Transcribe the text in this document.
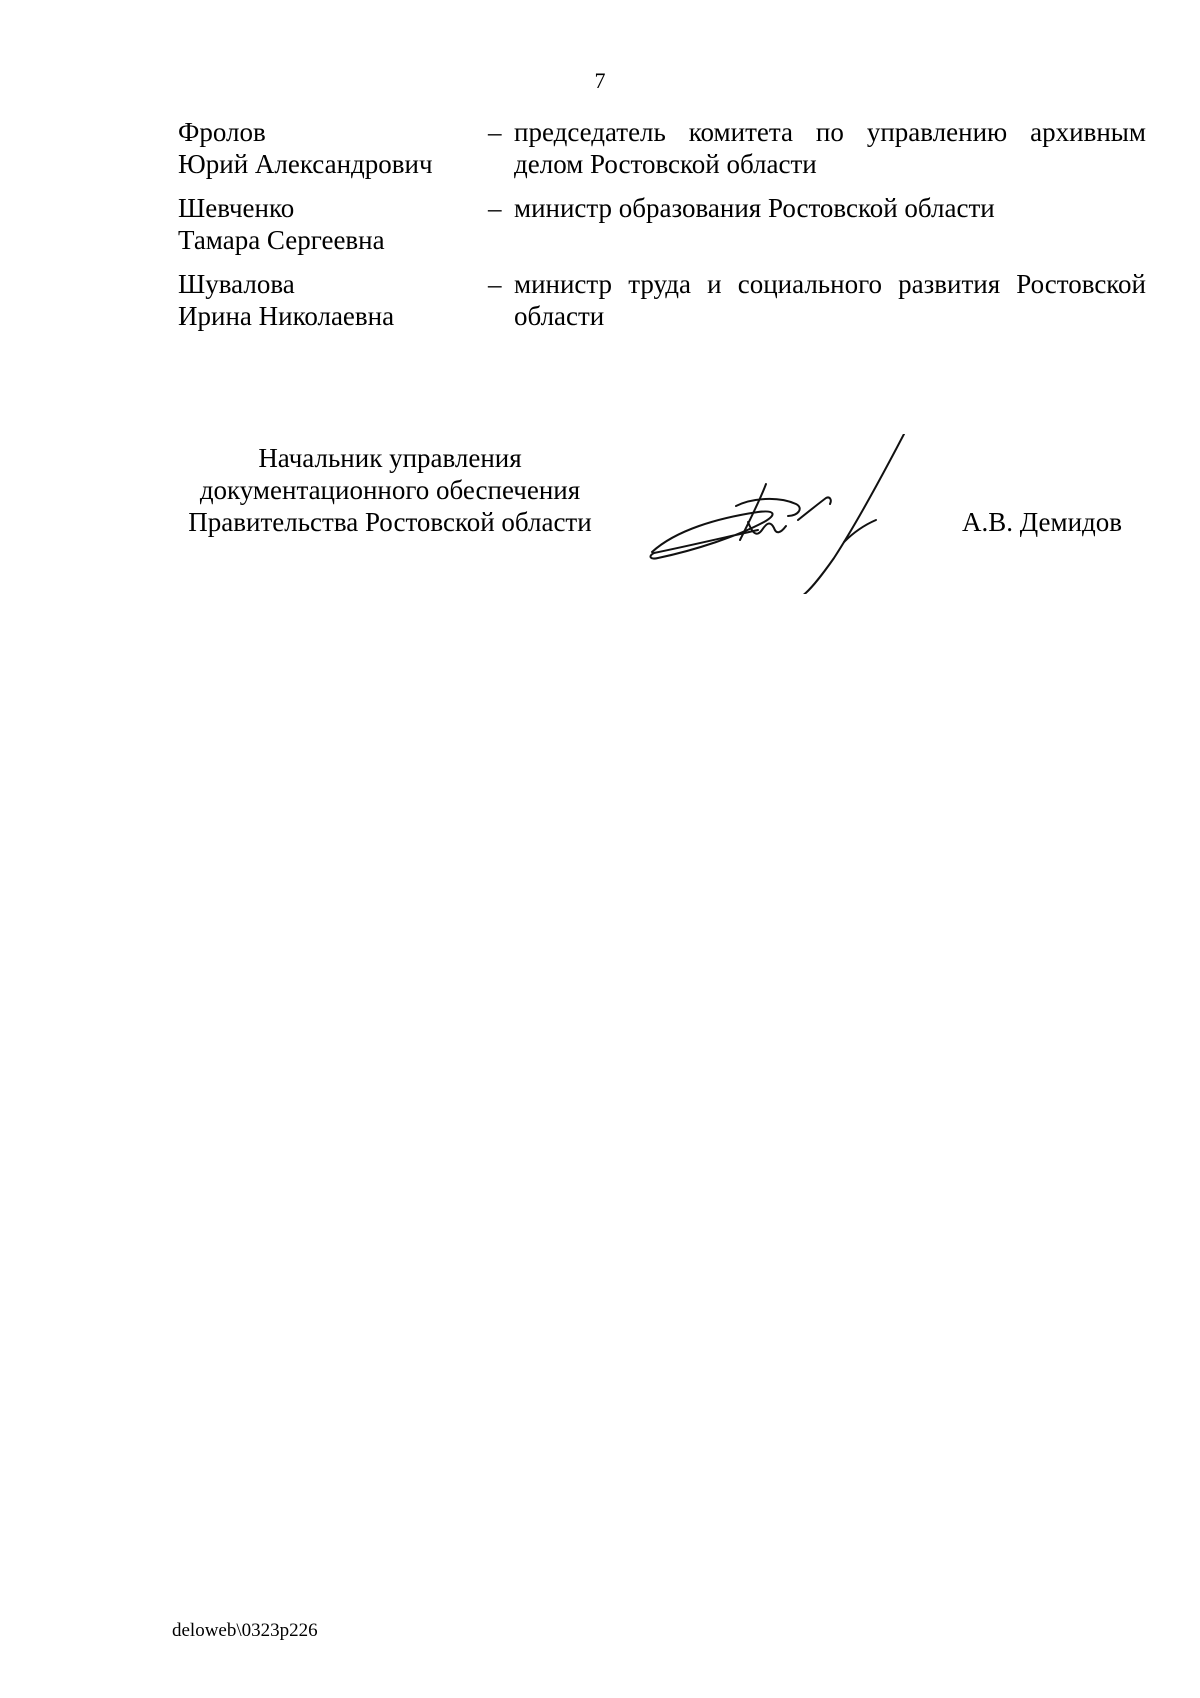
7
Фролов
Юрий Александрович
– председатель комитета по управлению архивным делом Ростовской области
Шевченко
Тамара Сергеевна
– министр образования Ростовской области
Шувалова
Ирина Николаевна
– министр труда и социального развития Ростовской области
Начальник управления
документационного обеспечения
Правительства Ростовской области	А.В. Демидов
deloweb\0323p226
